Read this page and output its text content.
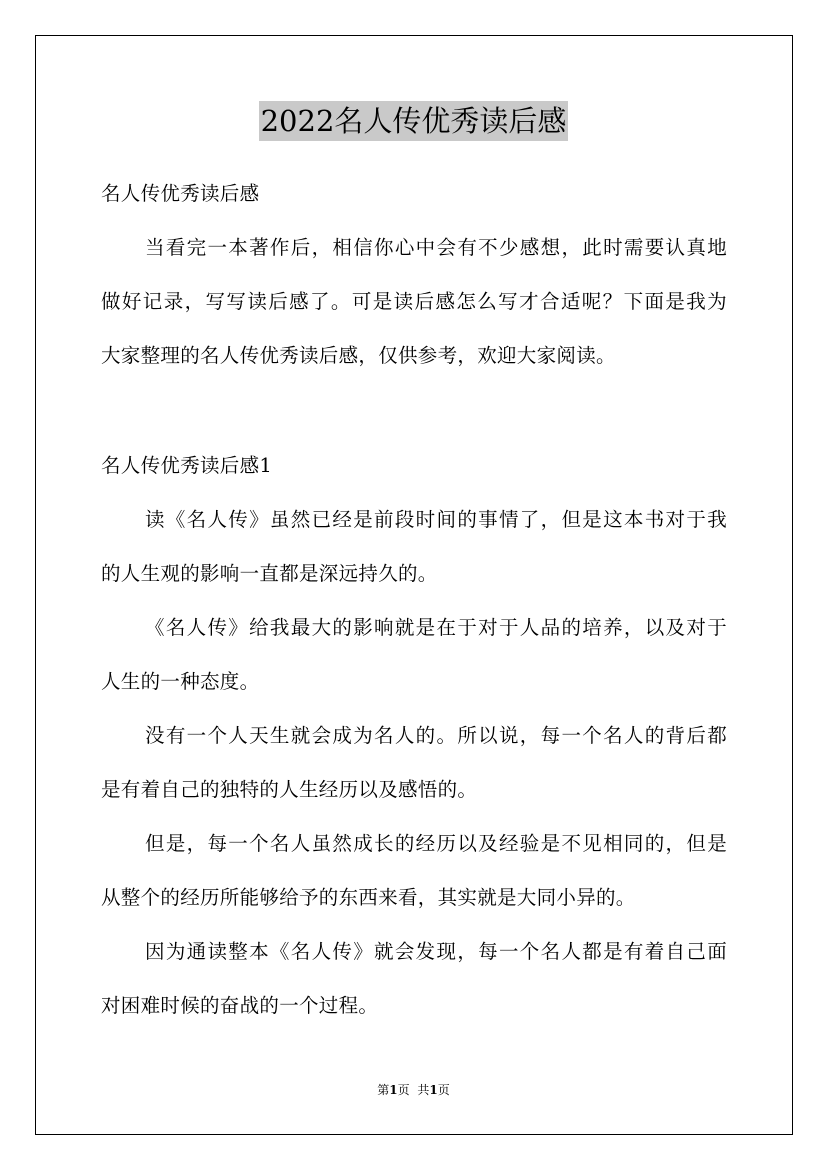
2022名人传优秀读后感
名人传优秀读后感
当看完一本著作后，相信你心中会有不少感想，此时需要认真地
做好记录，写写读后感了。可是读后感怎么写才合适呢？下面是我为
大家整理的名人传优秀读后感，仅供参考，欢迎大家阅读。
名人传优秀读后感1
读《名人传》虽然已经是前段时间的事情了，但是这本书对于我
的人生观的影响一直都是深远持久的。
《名人传》给我最大的影响就是在于对于人品的培养，以及对于
人生的一种态度。
没有一个人天生就会成为名人的。所以说，每一个名人的背后都
是有着自己的独特的人生经历以及感悟的。
但是，每一个名人虽然成长的经历以及经验是不见相同的，但是
从整个的经历所能够给予的东西来看，其实就是大同小异的。
因为通读整本《名人传》就会发现，每一个名人都是有着自己面
对困难时候的奋战的一个过程。
第1页 共1页
